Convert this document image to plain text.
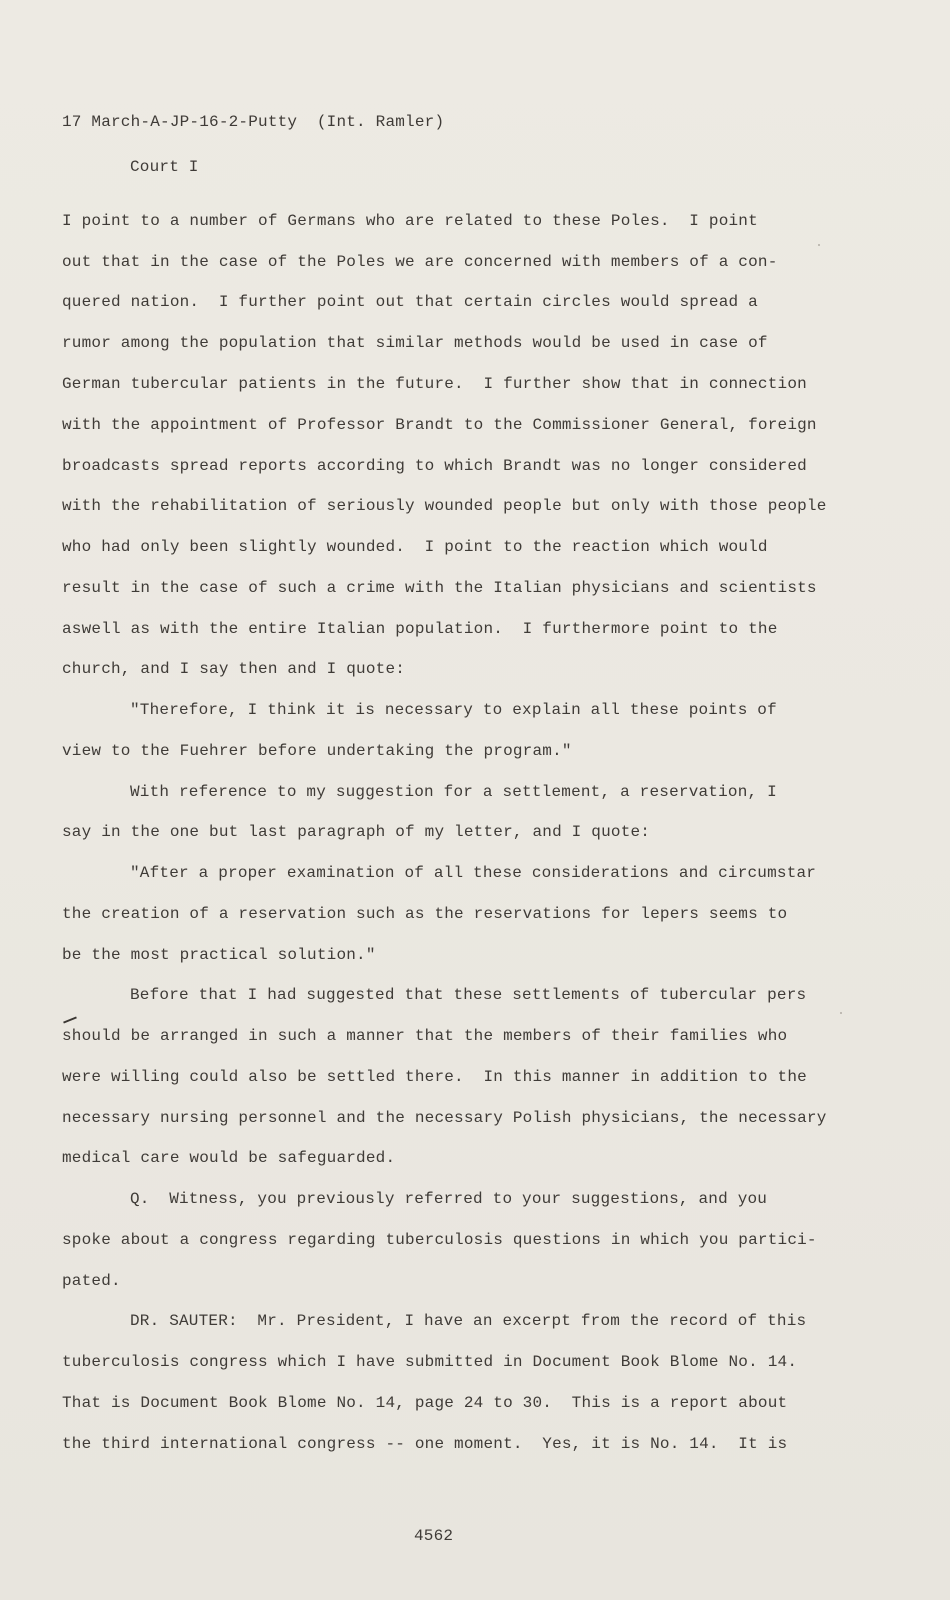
17 March-A-JP-16-2-Putty  (Int. Ramler)
Court I
I point to a number of Germans who are related to these Poles.  I point
out that in the case of the Poles we are concerned with members of a con-
quered nation.  I further point out that certain circles would spread a
rumor among the population that similar methods would be used in case of
German tubercular patients in the future.  I further show that in connection
with the appointment of Professor Brandt to the Commissioner General, foreign
broadcasts spread reports according to which Brandt was no longer considered
with the rehabilitation of seriously wounded people but only with those people
who had only been slightly wounded.  I point to the reaction which would
result in the case of such a crime with the Italian physicians and scientists
aswell as with the entire Italian population.  I furthermore point to the
church, and I say then and I quote:
"Therefore, I think it is necessary to explain all these points of
view to the Fuehrer before undertaking the program."
With reference to my suggestion for a settlement, a reservation, I
say in the one but last paragraph of my letter, and I quote:
"After a proper examination of all these considerations and circumstar
the creation of a reservation such as the reservations for lepers seems to
be the most practical solution."
Before that I had suggested that these settlements of tubercular pers
should be arranged in such a manner that the members of their families who
were willing could also be settled there.  In this manner in addition to the
necessary nursing personnel and the necessary Polish physicians, the necessary
medical care would be safeguarded.
Q.  Witness, you previously referred to your suggestions, and you
spoke about a congress regarding tuberculosis questions in which you partici-
pated.
DR. SAUTER:  Mr. President, I have an excerpt from the record of this
tuberculosis congress which I have submitted in Document Book Blome No. 14.
That is Document Book Blome No. 14, page 24 to 30.  This is a report about
the third international congress -- one moment.  Yes, it is No. 14.  It is
4562
